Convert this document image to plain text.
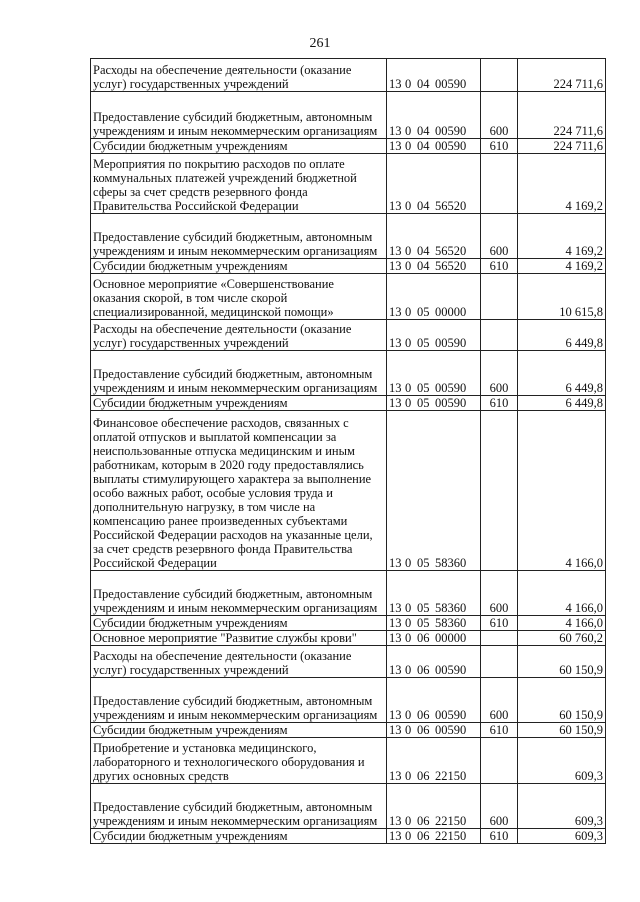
261
Расходы на обеспечение деятельности (оказание услуг) государственных учреждений	13 0 04 00590		224 711,6
Предоставление субсидий бюджетным, автономным учреждениям и иным некоммерческим организациям	13 0 04 00590	600	224 711,6
Субсидии бюджетным учреждениям	13 0 04 00590	610	224 711,6
Мероприятия по покрытию расходов по оплате коммунальных платежей учреждений бюджетной сферы за счет средств резервного фонда Правительства Российской Федерации	13 0 04 56520		4 169,2
Предоставление субсидий бюджетным, автономным учреждениям и иным некоммерческим организациям	13 0 04 56520	600	4 169,2
Субсидии бюджетным учреждениям	13 0 04 56520	610	4 169,2
Основное мероприятие «Совершенствование оказания скорой, в том числе скорой специализированной, медицинской помощи»	13 0 05 00000		10 615,8
Расходы на обеспечение деятельности (оказание услуг) государственных учреждений	13 0 05 00590		6 449,8
Предоставление субсидий бюджетным, автономным учреждениям и иным некоммерческим организациям	13 0 05 00590	600	6 449,8
Субсидии бюджетным учреждениям	13 0 05 00590	610	6 449,8
Финансовое обеспечение расходов, связанных с оплатой отпусков и выплатой компенсации за неиспользованные отпуска медицинским и иным работникам, которым в 2020 году предоставлялись выплаты стимулирующего характера за выполнение особо важных работ, особые условия труда и дополнительную нагрузку, в том числе на компенсацию ранее произведенных субъектами Российской Федерации расходов на указанные цели, за счет средств резервного фонда Правительства Российской Федерации	13 0 05 58360		4 166,0
Предоставление субсидий бюджетным, автономным учреждениям и иным некоммерческим организациям	13 0 05 58360	600	4 166,0
Субсидии бюджетным учреждениям	13 0 05 58360	610	4 166,0
Основное мероприятие "Развитие службы крови"	13 0 06 00000		60 760,2
Расходы на обеспечение деятельности (оказание услуг) государственных учреждений	13 0 06 00590		60 150,9
Предоставление субсидий бюджетным, автономным учреждениям и иным некоммерческим организациям	13 0 06 00590	600	60 150,9
Субсидии бюджетным учреждениям	13 0 06 00590	610	60 150,9
Приобретение и установка медицинского, лабораторного и технологического оборудования и других основных средств	13 0 06 22150		609,3
Предоставление субсидий бюджетным, автономным учреждениям и иным некоммерческим организациям	13 0 06 22150	600	609,3
Субсидии бюджетным учреждениям	13 0 06 22150	610	609,3
